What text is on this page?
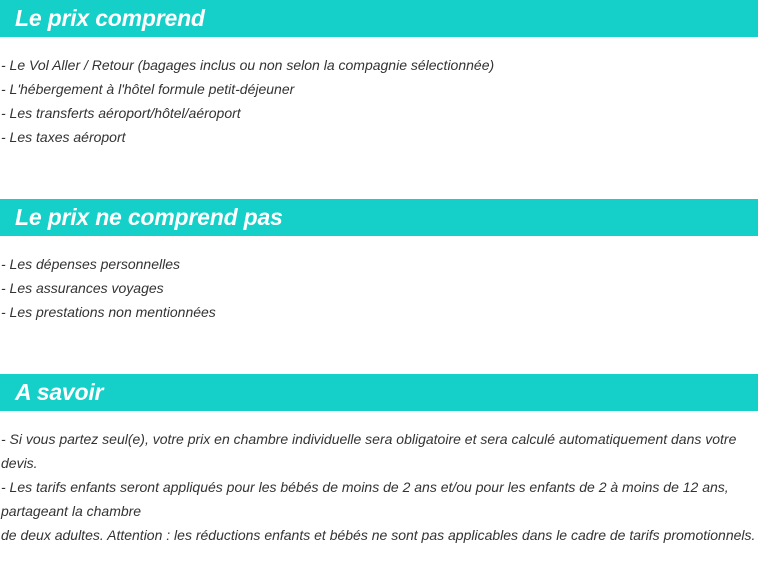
Le prix comprend
- Le Vol Aller / Retour (bagages inclus ou non selon la compagnie sélectionnée)
- L'hébergement à l'hôtel formule petit-déjeuner
- Les transferts aéroport/hôtel/aéroport
- Les taxes aéroport
Le prix ne comprend pas
- Les dépenses personnelles
- Les assurances voyages
- Les prestations non mentionnées
A savoir
- Si vous partez seul(e), votre prix en chambre individuelle sera obligatoire et sera calculé automatiquement dans votre devis.
- Les tarifs enfants seront appliqués pour les bébés de moins de 2 ans et/ou pour les enfants de 2 à moins de 12 ans, partageant la chambre
de deux adultes. Attention : les réductions enfants et bébés ne sont pas applicables dans le cadre de tarifs promotionnels.
